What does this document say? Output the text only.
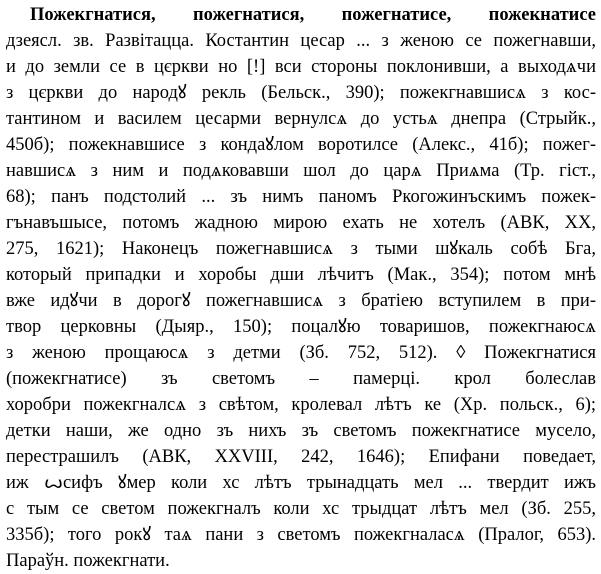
Пожекгнатися, пожегнатися, пожегнатисе, пожекнатисе
дзеясл. зв. Развітацца. Костантин цесар ... з женою се пожегнавши,
и до земли се в цєркви но [!] вси стороны поклонивши, а выходѧчи
з цєркви до народꙋ рекль (Бельск., 390); пожекгнавшисѧ з кос-
тантином и василем цесарми вернулсѧ до устьѧ днепра (Стрыйк.,
450б); пожекнавшисе з кондаꙋлом воротилсе (Алекс., 41б); пожег-
навшисѧ з ним и подѧковавши шол до царѧ Приѧма (Тр. гіст.,
68); панъ подстолий ... зъ нимъ паномъ Ркогожинъскимъ пожек-
гънавъшысе, потомъ жадною мирою ехать не хотелъ (АВК, XX,
275, 1621); Наконецъ пожегнавшисѧ з тыми шꙋкаль собѣ Бга,
который припадки и хоробы дши лѣчитъ (Мак., 354); потом мнѣ
вже идꙋчи в дорогꙋ пожегнавшисѧ з братіею вступилем в при-
твор церковны (Дыяр., 150); поцалꙋю товаришов, пожекгнаюсѧ
з женою прощаюсѧ з детми (Зб. 752, 512). ◊ Пожекгнатися
(пожекгнатисе) зъ светомъ – памерці. крол болеслав
хоробри пожекгналсѧ з свѣтом, кролевал лѣтъ ке (Хр. польск., 6);
детки наши, же одно зъ нихъ зъ светомъ пожекгнатисе мусело,
перестрашилъ (АВК, XXVIII, 242, 1646); Епифани поведает,
иж ꙍсифъ ꙋмер коли хс лѣтъ трынадцать мел ... твердит ижъ
с тым се светом пожекгналъ коли хс трыдцат лѣтъ мел (Зб. 255,
335б); того рокꙋ таѧ пани з светомъ пожекгналасѧ (Пралог, 653).
Параўн. пожекгнати.
